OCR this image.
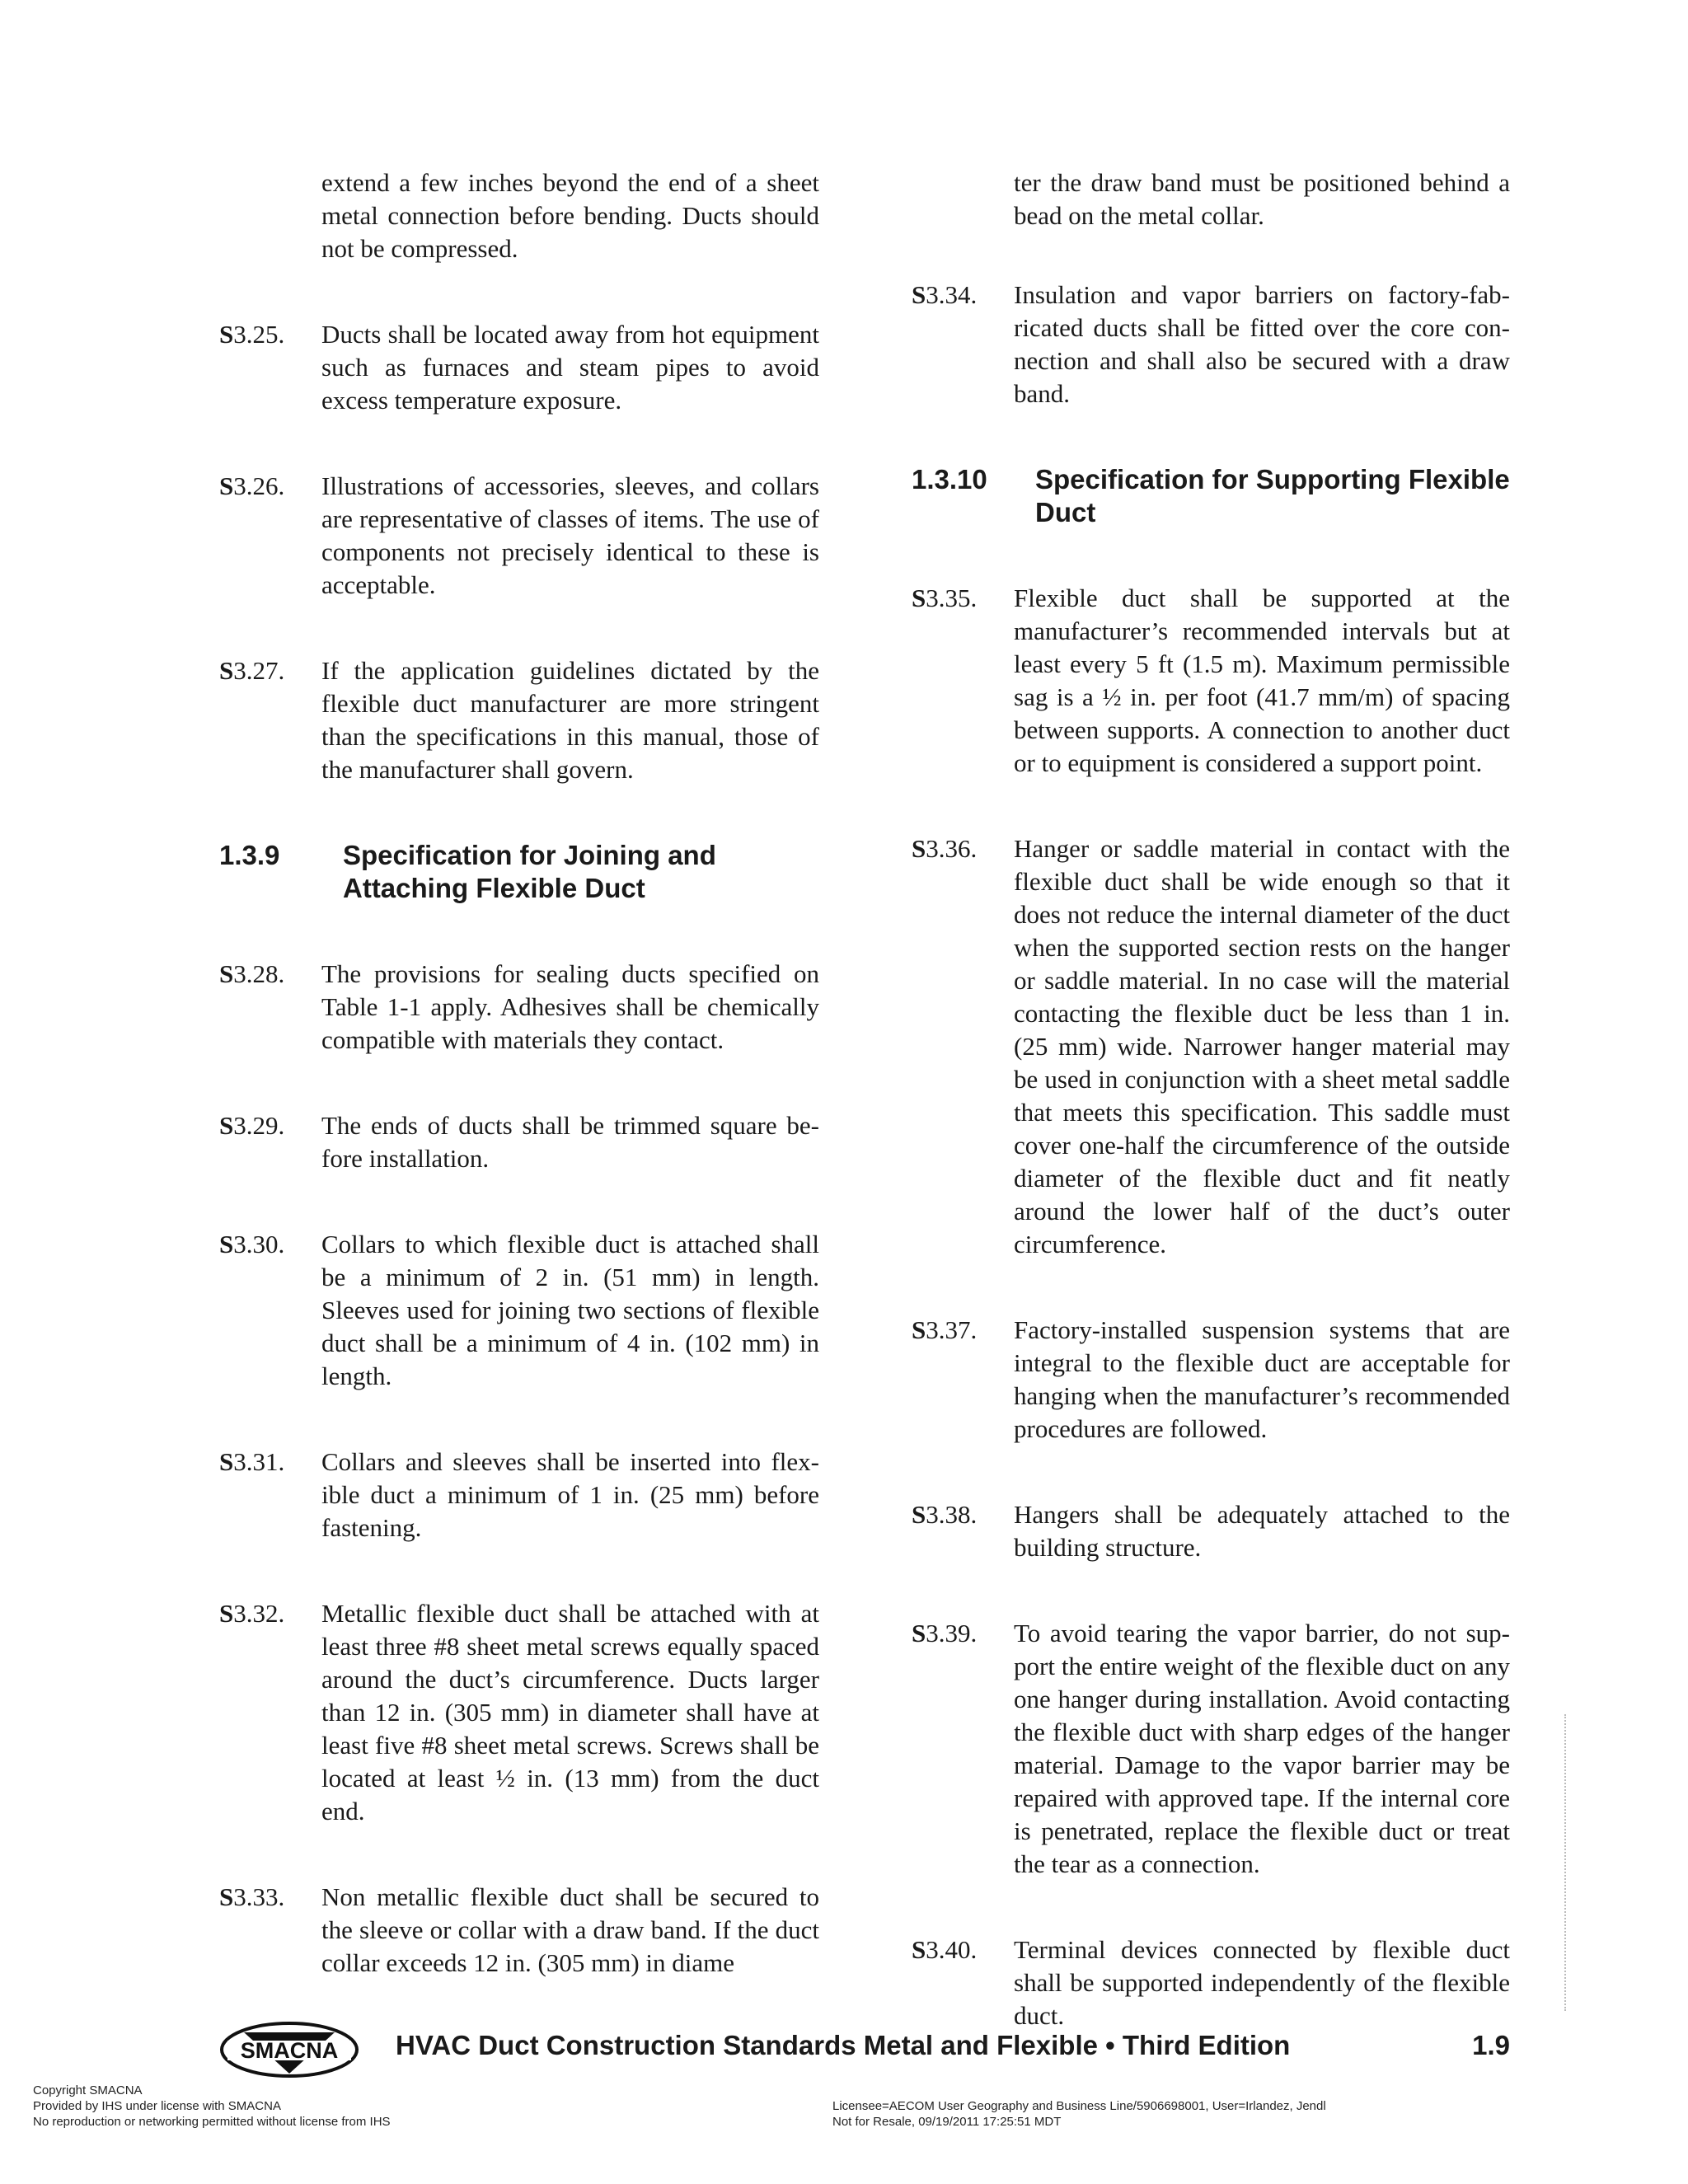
extend a few inches beyond the end of a sheet metal connection before bending. Ducts should not be compressed.
S3.25.	Ducts shall be located away from hot equipment such as furnaces and steam pipes to avoid excess temperature exposure.
S3.26.	Illustrations of accessories, sleeves, and collars are representative of classes of items. The use of components not precisely identical to these is acceptable.
S3.27.	If the application guidelines dictated by the flexible duct manufacturer are more stringent than the specifications in this manual, those of the manufacturer shall govern.
1.3.9	Specification for Joining and Attaching Flexible Duct
S3.28.	The provisions for sealing ducts specified on Table 1-1 apply. Adhesives shall be chemically compatible with materials they contact.
S3.29.	The ends of ducts shall be trimmed square before installation.
S3.30.	Collars to which flexible duct is attached shall be a minimum of 2 in. (51 mm) in length. Sleeves used for joining two sections of flexible duct shall be a minimum of 4 in. (102 mm) in length.
S3.31.	Collars and sleeves shall be inserted into flexible duct a minimum of 1 in. (25 mm) before fastening.
S3.32.	Metallic flexible duct shall be attached with at least three #8 sheet metal screws equally spaced around the duct’s circumference. Ducts larger than 12 in. (305 mm) in diameter shall have at least five #8 sheet metal screws. Screws shall be located at least ½ in. (13 mm) from the duct end.
S3.33.	Non metallic flexible duct shall be secured to the sleeve or collar with a draw band. If the duct collar exceeds 12 in. (305 mm) in diame
ter the draw band must be positioned behind a bead on the metal collar.
S3.34.	Insulation and vapor barriers on factory-fabricated ducts shall be fitted over the core connection and shall also be secured with a draw band.
1.3.10	Specification for Supporting Flexible Duct
S3.35.	Flexible duct shall be supported at the manufacturer’s recommended intervals but at least every 5 ft (1.5 m). Maximum permissible sag is a ½ in. per foot (41.7 mm/m) of spacing between supports. A connection to another duct or to equipment is considered a support point.
S3.36.	Hanger or saddle material in contact with the flexible duct shall be wide enough so that it does not reduce the internal diameter of the duct when the supported section rests on the hanger or saddle material. In no case will the material contacting the flexible duct be less than 1 in. (25 mm) wide. Narrower hanger material may be used in conjunction with a sheet metal saddle that meets this specification. This saddle must cover one-half the circumference of the outside diameter of the flexible duct and fit neatly around the lower half of the duct’s outer circumference.
S3.37.	Factory-installed suspension systems that are integral to the flexible duct are acceptable for hanging when the manufacturer’s recommended procedures are followed.
S3.38.	Hangers shall be adequately attached to the building structure.
S3.39.	To avoid tearing the vapor barrier, do not support the entire weight of the flexible duct on any one hanger during installation. Avoid contacting the flexible duct with sharp edges of the hanger material. Damage to the vapor barrier may be repaired with approved tape. If the internal core is penetrated, replace the flexible duct or treat the tear as a connection.
S3.40.	Terminal devices connected by flexible duct shall be supported independently of the flexible duct.
SMACNA HVAC Duct Construction Standards Metal and Flexible • Third Edition	1.9
Copyright SMACNA
Provided by IHS under license with SMACNA
No reproduction or networking permitted without license from IHS
Licensee=AECOM User Geography and Business Line/5906698001, User=Irlandez, Jendl
Not for Resale, 09/19/2011 17:25:51 MDT
